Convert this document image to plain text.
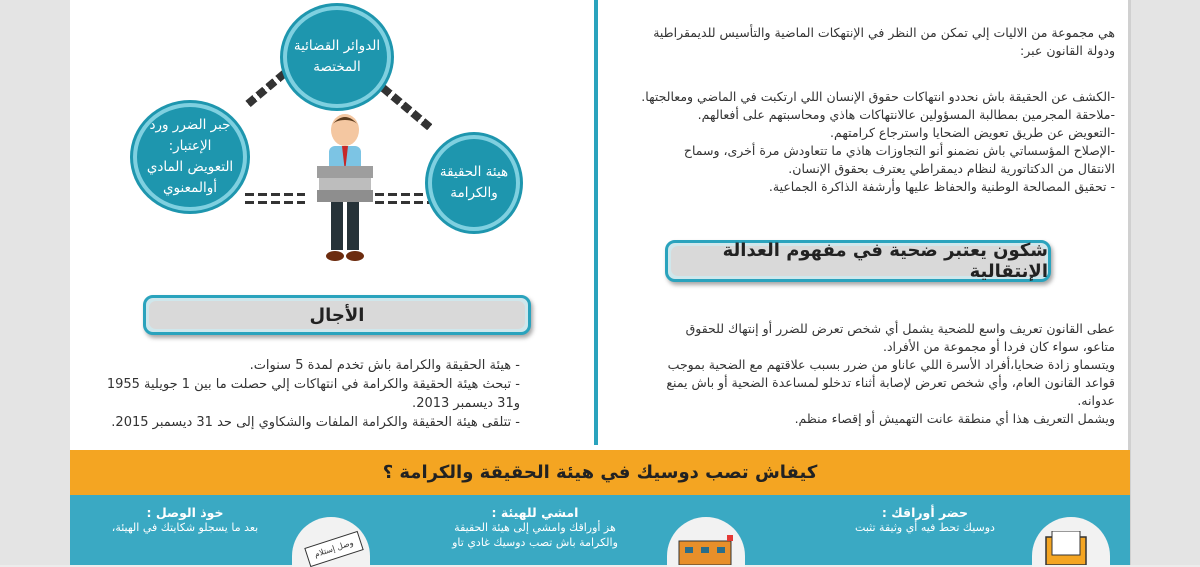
هي مجموعة من الاليات إلي تمكن من النظر في الإنتهكات الماضية والتأسيس للديمقراطية
ودولة القانون عبر:
-الكشف عن الحقيقة باش نحددو انتهاكات حقوق الإنسان اللي ارتكبت في الماضي ومعالجتها.
-ملاحقة المجرمين بمطالبة المسؤولين عالانتهاكات هاذي ومحاسبتهم على أفعالهم.
-التعويض عن طريق تعويض الضحايا واسترجاع كرامتهم.
-الإصلاح المؤسساتي باش نضمنو أنو التجاوزات هاذي ما تتعاودش مرة أخرى، وسماح
الانتقال من الدكتاتورية لنظام ديمقراطي يعترف بحقوق الإنسان.
- تحقيق المصالحة الوطنية والحفاظ عليها وأرشفة الذاكرة الجماعية.
شكون يعتبر ضحية في مفهوم العدالة الإنتقالية
عطى القانون تعريف واسع للضحية يشمل أي شخص تعرض للضرر أو إنتهاك للحقوق
متاعو، سواء كان فردا أو مجموعة من الأفراد.
ويتسماو زادة ضحايا،أفراد الأسرة اللي عاناو من ضرر بسبب علاقتهم مع الضحية بموجب
قواعد القانون العام، وأي شخص تعرض لإصابة أثناء تدخلو لمساعدة الضحية أو باش يمنع
عدوانه.
ويشمل التعريف هذا أي منطقة عانت التهميش أو إقصاء منظم.
الدوائر القضائية المختصة
جبر الضرر ورد الإعتبار: التعويض المادي أوالمعنوي
هيئة الحقيقة والكرامة
الأجال
- هيئة الحقيقة والكرامة باش تخدم لمدة 5 سنوات.
- تبحث هيئة الحقيقة والكرامة في انتهاكات إلي حصلت ما بين 1 جويلية 1955
و31 ديسمبر 2013.
- تتلقى هيئة الحقيقة والكرامة الملفات والشكاوي إلى حد 31 ديسمبر 2015.
كيفاش تصب دوسيك في هيئة الحقيقة والكرامة ؟
حضر أوراقك :
دوسيك تحط فيه أي وثيقة تثبت
امشي للهيئة :
هز أوراقك وامشي إلى هيئة الحقيقة والكرامة باش تصب دوسيك غادي تاو
وصل إستلام
خوذ الوصل :
بعد ما يسجلو شكايتك في الهيئة،
